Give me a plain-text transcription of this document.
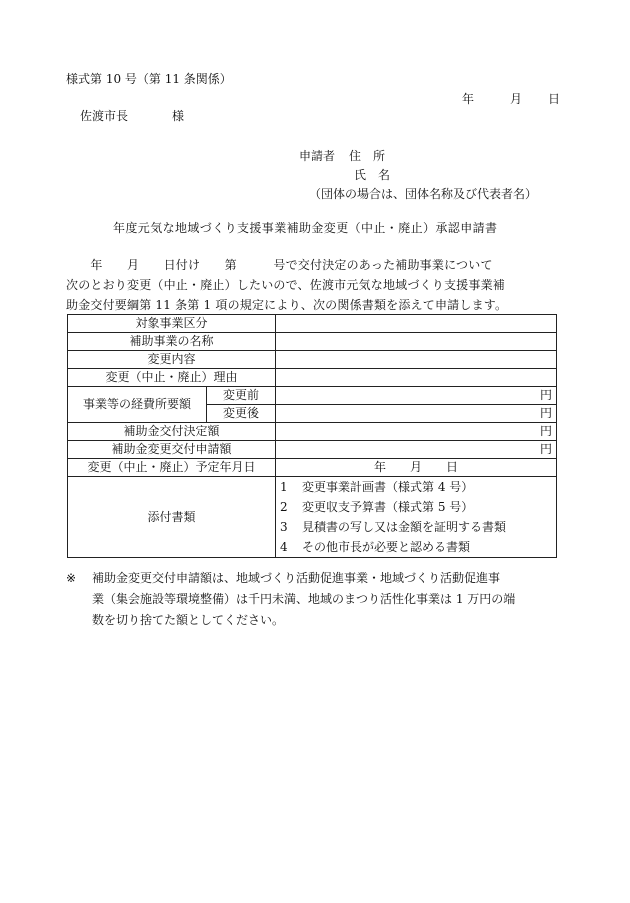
様式第 10 号（第 11 条関係）
年	月 日
佐渡市長	様
申請者 住　所
氏　名
（団体の場合は、団体名称及び代表者名）
年度元気な地域づくり支援事業補助金変更（中止・廃止）承認申請書

　　年　　月　　日付け　　第　　　号で交付決定のあった補助事業について

次のとおり変更（中止・廃止）したいので、佐渡市元気な地域づくり支援事業補

助金交付要綱第 11 条第 1 項の規定により、次の関係書類を添えて申請します。

対象事業区分		
補助事業の名称		
変更内容		
変更（中止・廃止）理由		
事業等の経費所要額	変更前	円
	変更後	円
補助金交付決定額		円
補助金変更交付申請額		円
変更（中止・廃止）予定年月日		年　　月　　日
添付書類		1 変更事業計画書（様式第 4 号）
2 変更収支予算書（様式第 5 号）
3 見積書の写し又は金額を証明する書類
4 その他市長が必要と認める書類
※ 補助金変更交付申請額は、地域づくり活動促進事業・地域づくり活動促進事
業（集会施設等環境整備）は千円未満、地域のまつり活性化事業は 1 万円の端
数を切り捨てた額としてください。
